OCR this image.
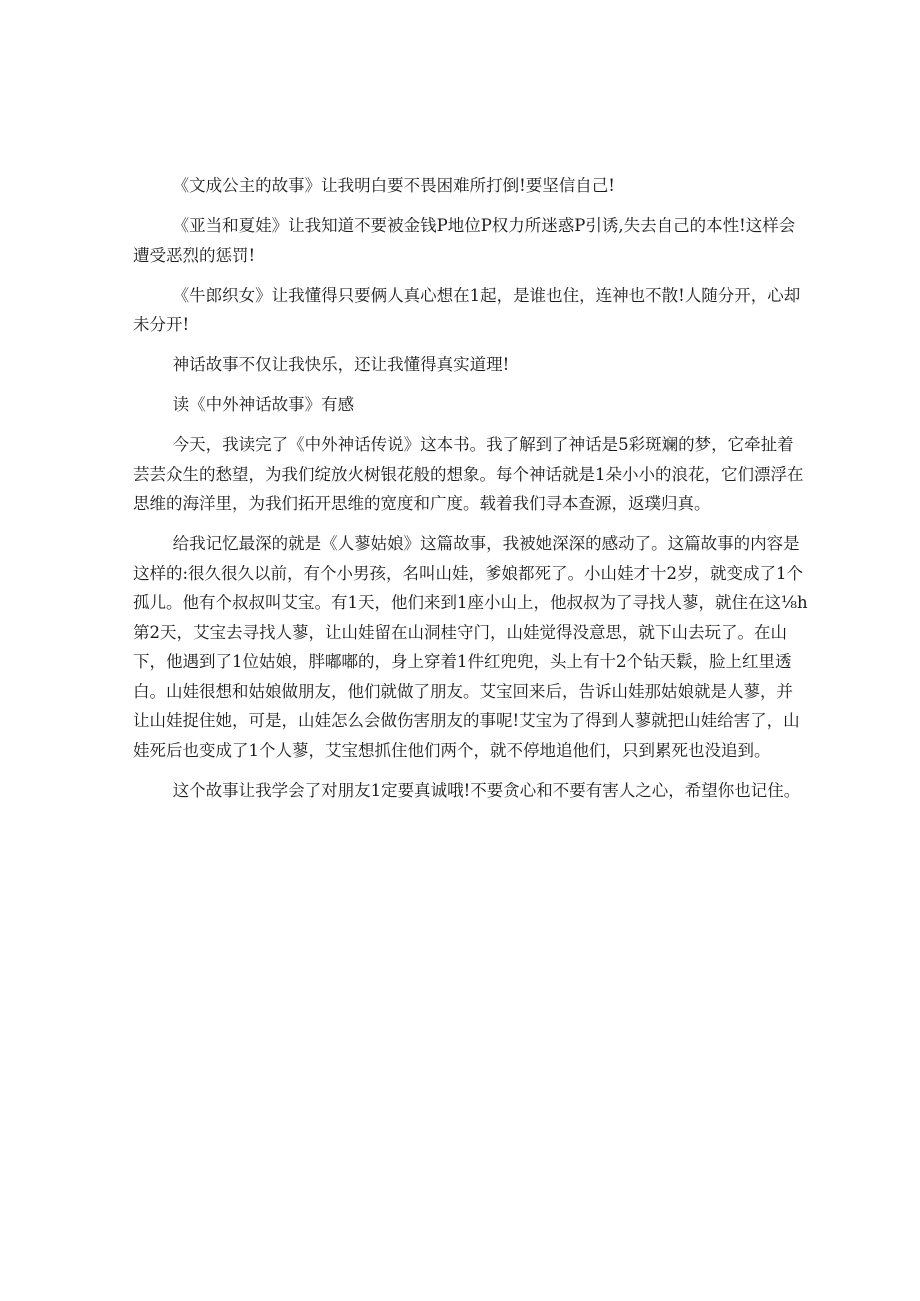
《文成公主的故事》让我明白要不畏困难所打倒!要坚信自己!

《亚当和夏娃》让我知道不要被金钱P地位P权力所迷惑P引诱,失去自己的本性!这样会遭受恶烈的惩罚!

《牛郎织女》让我懂得只要俩人真心想在1起，是谁也住，连神也不散!人随分开，心却未分开!

神话故事不仅让我快乐，还让我懂得真实道理!

读《中外神话故事》有感

今天，我读完了《中外神话传说》这本书。我了解到了神话是5彩斑斓的梦，它牵扯着芸芸众生的愁望，为我们绽放火树银花般的想象。每个神话就是1朵小小的浪花，它们漂浮在思维的海洋里，为我们拓开思维的宽度和广度。载着我们寻本查源，返璞归真。

给我记忆最深的就是《人蓼姑娘》这篇故事，我被她深深的感动了。这篇故事的内容是这样的:很久很久以前，有个小男孩，名叫山娃，爹娘都死了。小山娃才十2岁，就变成了1个孤儿。他有个叔叔叫艾宝。有1天，他们来到1座小山上，他叔叔为了寻找人蓼，就住在这⅛h第2天，艾宝去寻找人蓼，让山娃留在山洞桂守门，山娃觉得没意思，就下山去玩了。在山下，他遇到了1位姑娘，胖嘟嘟的，身上穿着1件红兜兜，头上有十2个钻天鬏，脸上红里透白。山娃很想和姑娘做朋友，他们就做了朋友。艾宝回来后，告诉山娃那姑娘就是人蓼，并让山娃捉住她，可是，山娃怎么会做伤害朋友的事呢!艾宝为了得到人蓼就把山娃给害了，山娃死后也变成了1个人蓼，艾宝想抓住他们两个，就不停地追他们，只到累死也没追到。

这个故事让我学会了对朋友1定要真诚哦!不要贪心和不要有害人之心，希望你也记住。
